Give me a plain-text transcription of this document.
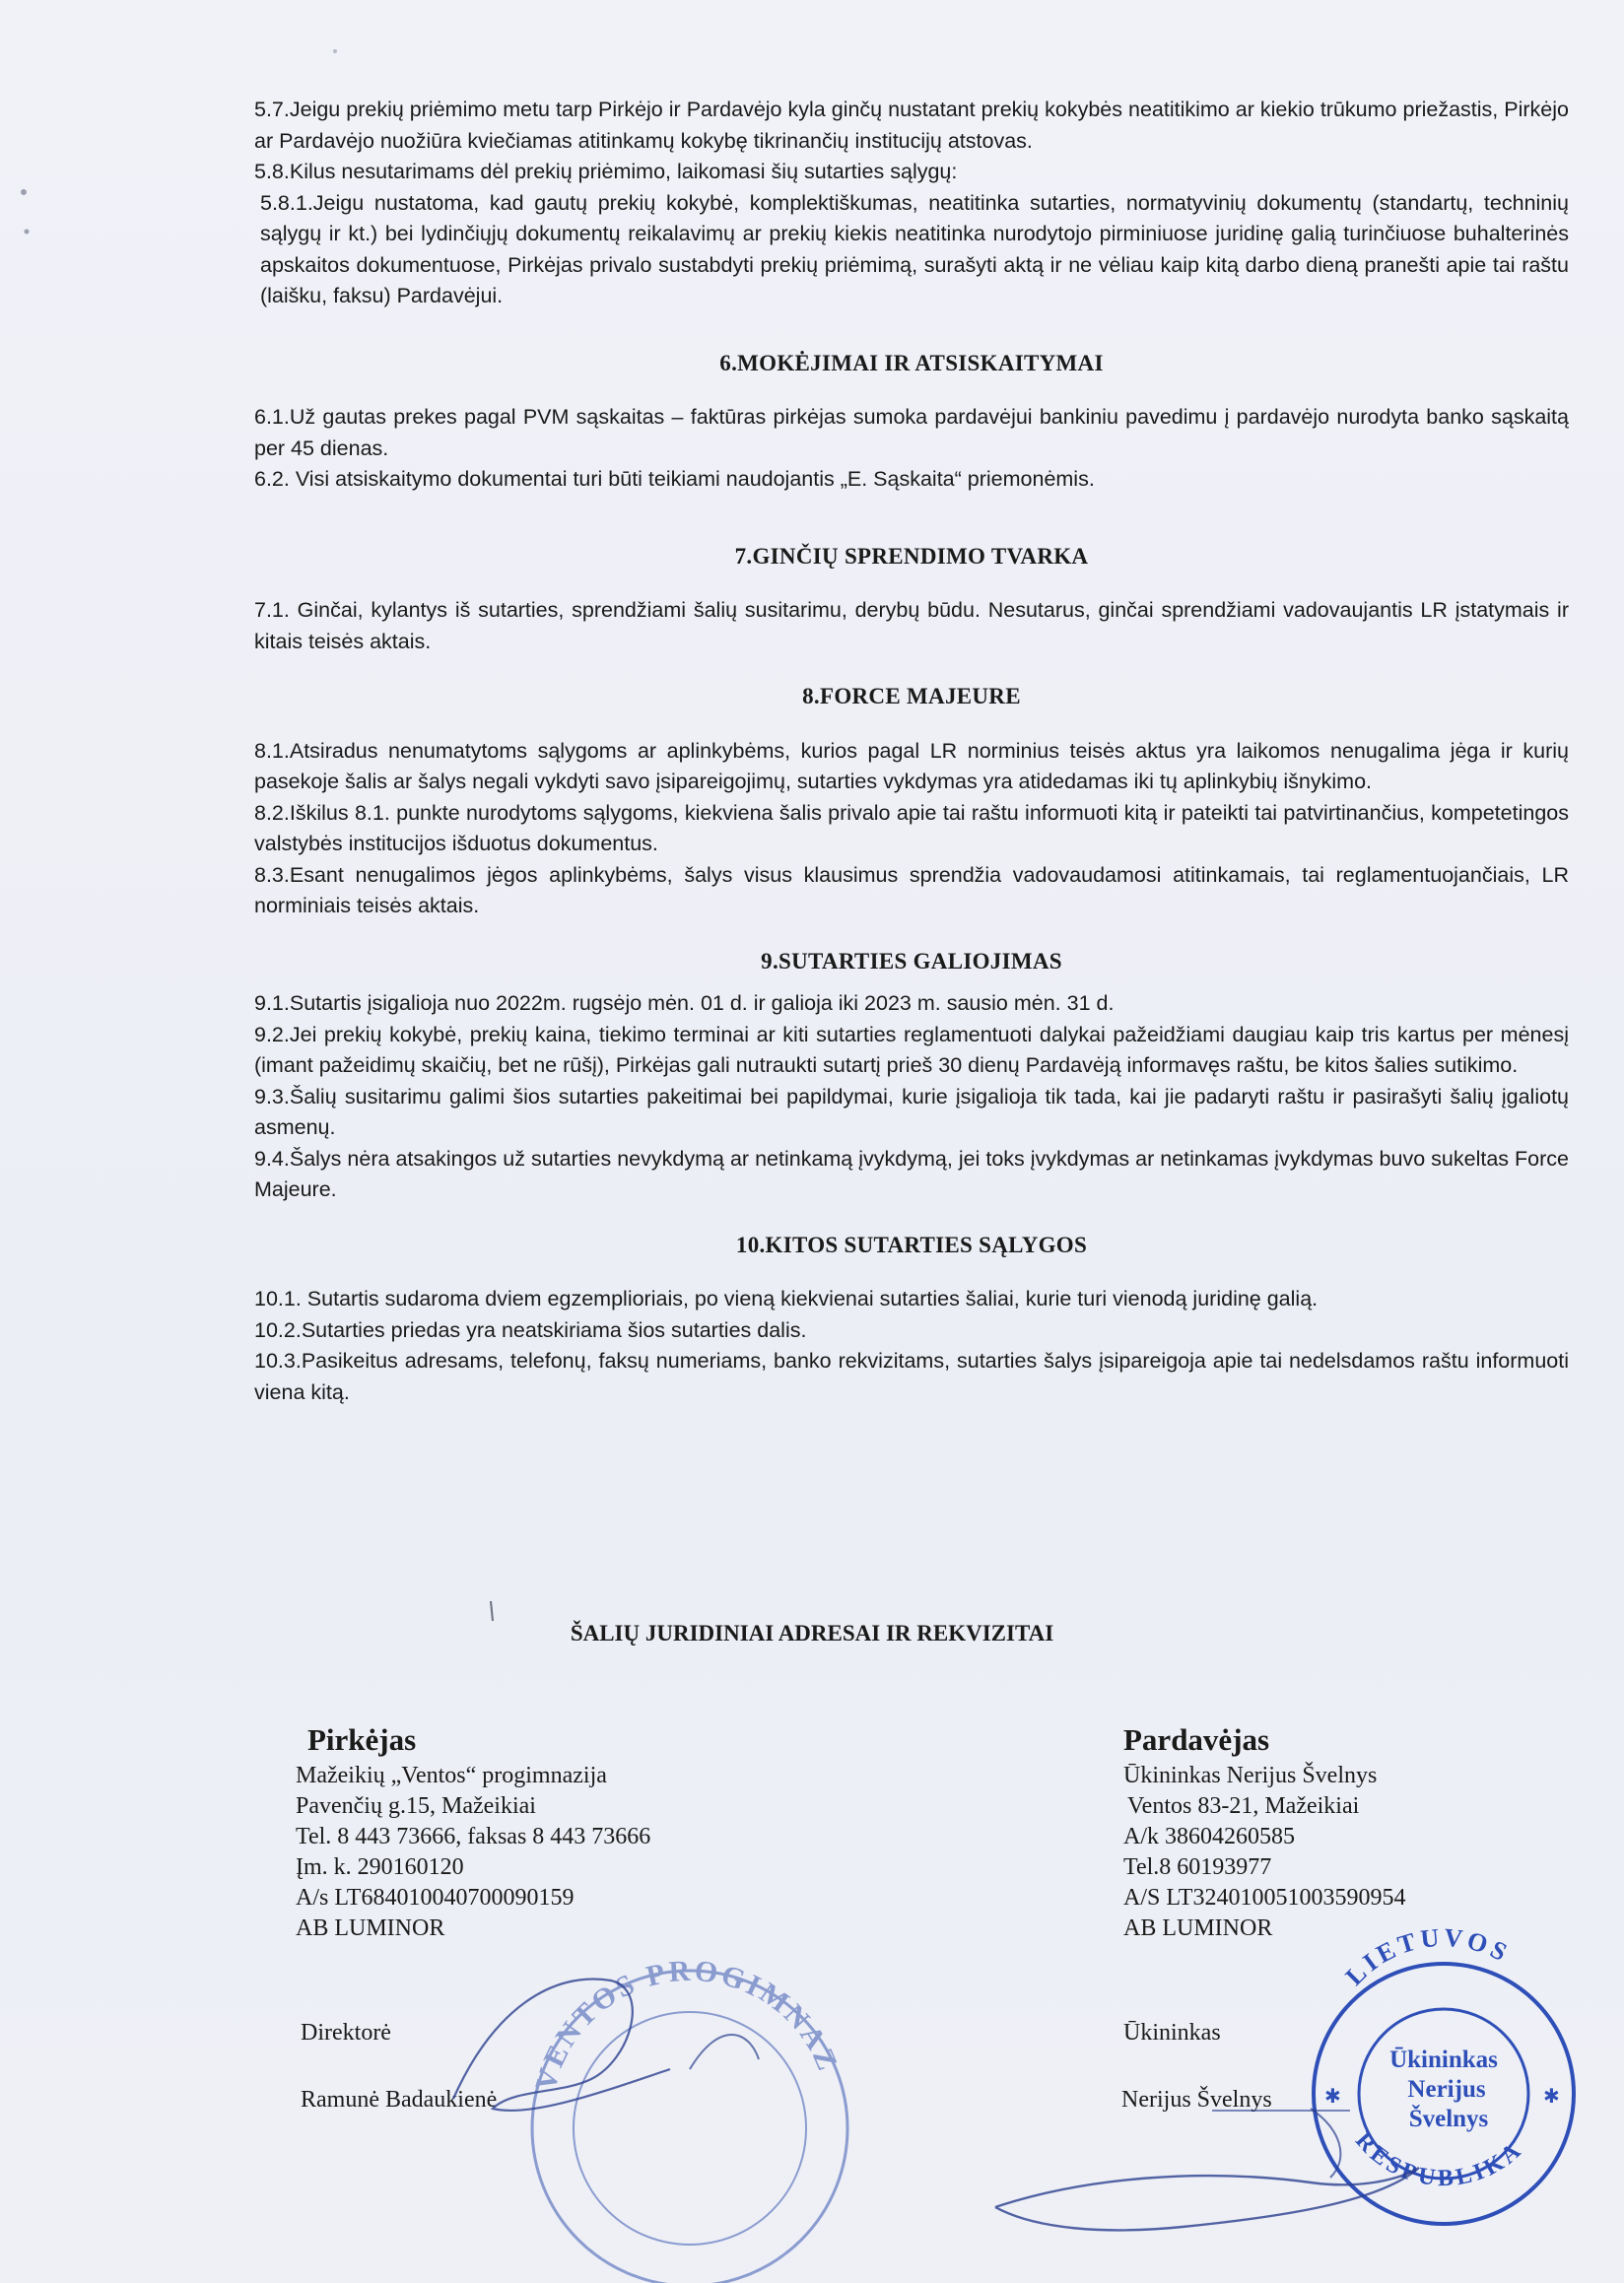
5.7.Jeigu prekių priėmimo metu tarp Pirkėjo ir Pardavėjo kyla ginčų nustatant prekių kokybės neatitikimo ar kiekio trūkumo priežastis, Pirkėjo ar Pardavėjo nuožiūra kviečiamas atitinkamų kokybę tikrinančių institucijų atstovas.

5.8.Kilus nesutarimams dėl prekių priėmimo, laikomasi šių sutarties sąlygų:

5.8.1.Jeigu nustatoma, kad gautų prekių kokybė, komplektiškumas, neatitinka sutarties, normatyvinių dokumentų (standartų, techninių sąlygų ir kt.) bei lydinčiųjų dokumentų reikalavimų ar prekių kiekis neatitinka nurodytojo pirminiuose juridinę galią turinčiuose buhalterinės apskaitos dokumentuose, Pirkėjas privalo sustabdyti prekių priėmimą, surašyti aktą ir ne vėliau kaip kitą darbo dieną pranešti apie tai raštu (laišku, faksu) Pardavėjui.

6.MOKĖJIMAI IR ATSISKAITYMAI

6.1.Už gautas prekes pagal PVM sąskaitas – faktūras pirkėjas sumoka pardavėjui bankiniu pavedimu į pardavėjo nurodyta banko sąskaitą per 45 dienas.

6.2. Visi atsiskaitymo dokumentai turi būti teikiami naudojantis „E. Sąskaita“ priemonėmis.

7.GINČIŲ SPRENDIMO TVARKA

7.1. Ginčai, kylantys iš sutarties, sprendžiami šalių susitarimu, derybų būdu. Nesutarus, ginčai sprendžiami vadovaujantis LR įstatymais ir kitais teisės aktais.

8.FORCE MAJEURE

8.1.Atsiradus nenumatytoms sąlygoms ar aplinkybėms, kurios pagal LR norminius teisės aktus yra laikomos nenugalima jėga ir kurių pasekoje šalis ar šalys negali vykdyti savo įsipareigojimų, sutarties vykdymas yra atidedamas iki tų aplinkybių išnykimo.

8.2.Iškilus 8.1. punkte nurodytoms sąlygoms, kiekviena šalis privalo apie tai raštu informuoti kitą ir pateikti tai patvirtinančius, kompetetingos valstybės institucijos išduotus dokumentus.

8.3.Esant nenugalimos jėgos aplinkybėms, šalys visus klausimus sprendžia vadovaudamosi atitinkamais, tai reglamentuojančiais, LR norminiais teisės aktais.

9.SUTARTIES GALIOJIMAS

9.1.Sutartis įsigalioja nuo 2022m. rugsėjo mėn. 01 d. ir galioja iki 2023 m. sausio mėn. 31 d.

9.2.Jei prekių kokybė, prekių kaina, tiekimo terminai ar kiti sutarties reglamentuoti dalykai pažeidžiami daugiau kaip tris kartus per mėnesį (imant pažeidimų skaičių, bet ne rūšį), Pirkėjas gali nutraukti sutartį prieš 30 dienų Pardavėją informavęs raštu, be kitos šalies sutikimo.

9.3.Šalių susitarimu galimi šios sutarties pakeitimai bei papildymai, kurie įsigalioja tik tada, kai jie padaryti raštu ir pasirašyti šalių įgaliotų asmenų.

9.4.Šalys nėra atsakingos už sutarties nevykdymą ar netinkamą įvykdymą, jei toks įvykdymas ar netinkamas įvykdymas buvo sukeltas Force Majeure.

10.KITOS SUTARTIES SĄLYGOS

10.1. Sutartis sudaroma dviem egzemplioriais, po vieną kiekvienai sutarties šaliai, kurie turi vienodą juridinę galią.

10.2.Sutarties priedas yra neatskiriama šios sutarties dalis.

10.3.Pasikeitus adresams, telefonų, faksų numeriams, banko rekvizitams, sutarties šalys įsipareigoja apie tai nedelsdamos raštu informuoti viena kitą.

ŠALIŲ JURIDINIAI ADRESAI IR REKVIZITAI
Pirkėjas
Mažeikių „Ventos“ progimnazija
Pavenčių g.15, Mažeikiai
Tel. 8 443 73666, faksas 8 443 73666
Įm. k. 290160120
A/s LT684010040700090159
AB LUMINOR
Pardavėjas
Ūkininkas Nerijus Švelnys
Ventos 83-21, Mažeikiai
A/k 38604260585
Tel.8 60193977
A/S LT324010051003590954
AB LUMINOR
Direktorė
Ramunė Badaukienė
Ūkininkas
Nerijus Švelnys
VENTOS PROGIMNAZ
LIETUVOS
RESPUBLIKA
Ūkininkas
Nerijus
Švelnys
✱	✱
